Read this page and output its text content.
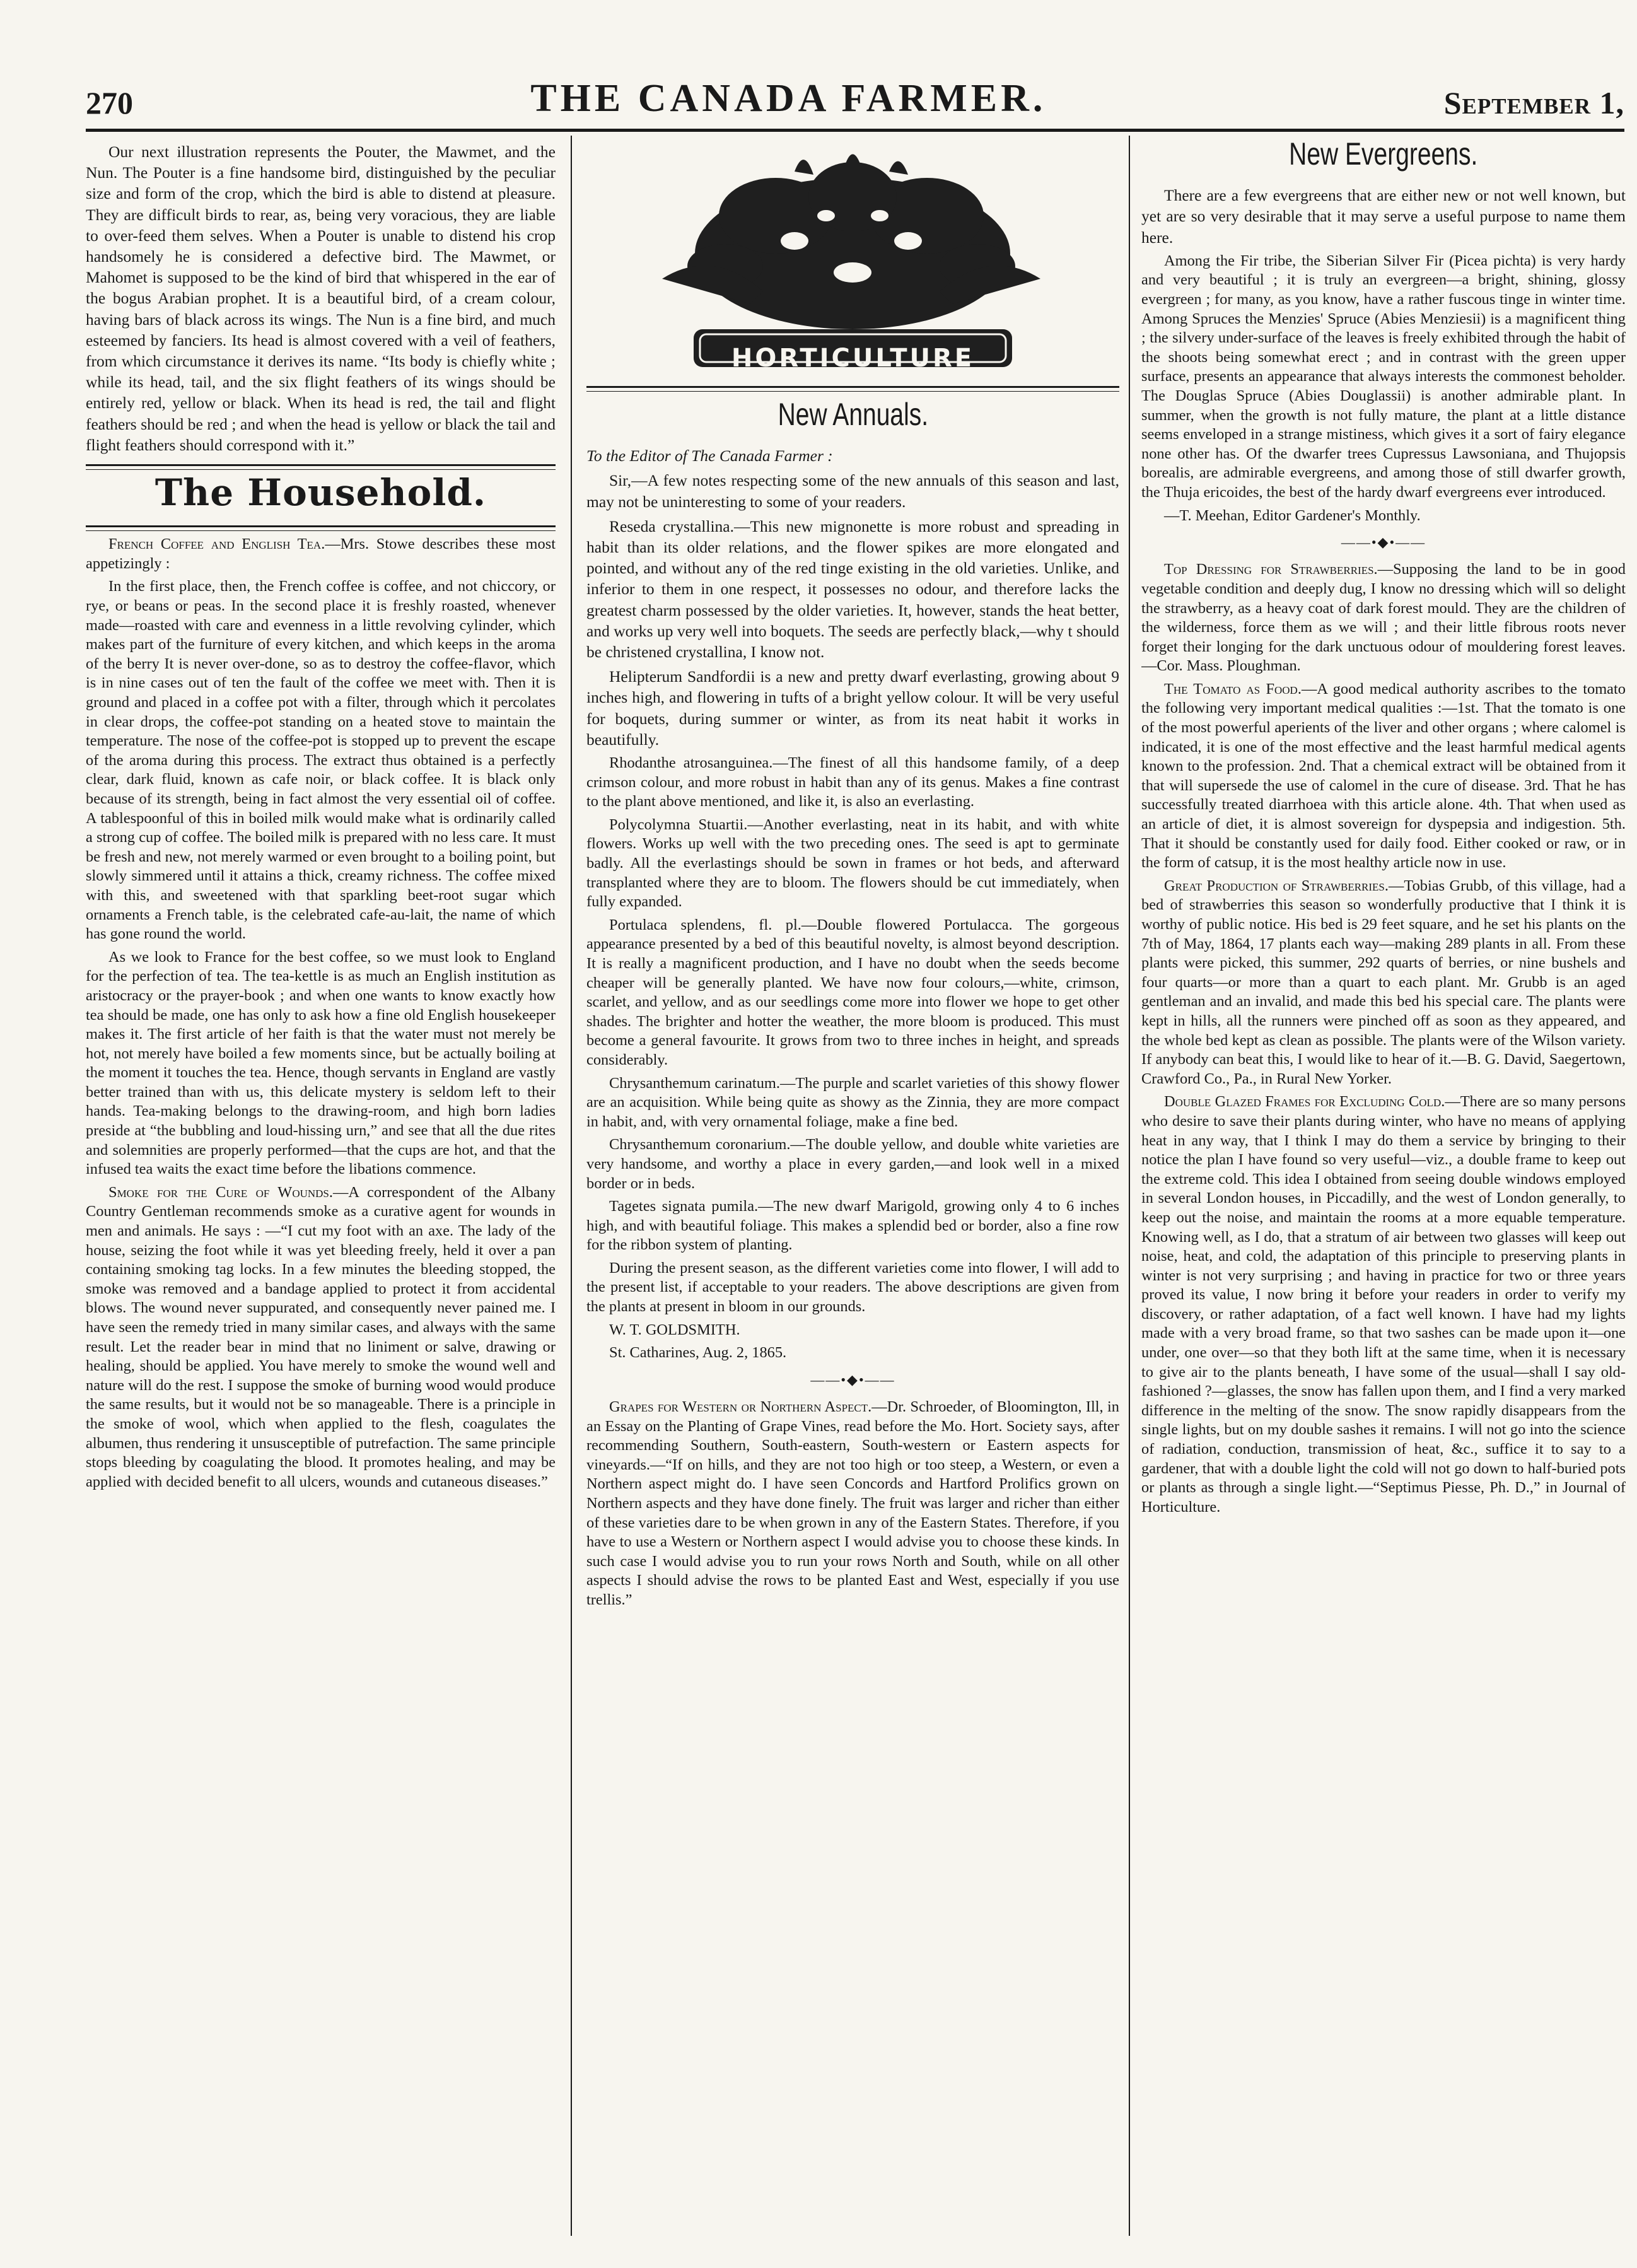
270	THE CANADA FARMER.	September 1,

Our next illustration represents the Pouter, the Mawmet, and the Nun. The Pouter is a fine handsome bird, distinguished by the peculiar size and form of the crop, which the bird is able to distend at pleasure. They are difficult birds to rear, as, being very voracious, they are liable to over-feed them selves. When a Pouter is unable to distend his crop handsomely he is considered a defective bird. The Mawmet, or Mahomet is supposed to be the kind of bird that whispered in the ear of the bogus Arabian prophet. It is a beautiful bird, of a cream colour, having bars of black across its wings. The Nun is a fine bird, and much esteemed by fanciers. Its head is almost covered with a veil of feathers, from which circumstance it derives its name. “Its body is chiefly white ; while its head, tail, and the six flight feathers of its wings should be entirely red, yellow or black. When its head is red, the tail and flight feathers should be red ; and when the head is yellow or black the tail and flight feathers should correspond with it.”

The Household.

French Coffee and English Tea.—Mrs. Stowe describes these most appetizingly :

In the first place, then, the French coffee is coffee, and not chiccory, or rye, or beans or peas. In the second place it is freshly roasted, whenever made—roasted with care and evenness in a little revolving cylinder, which makes part of the furniture of every kitchen, and which keeps in the aroma of the berry It is never over-done, so as to destroy the coffee-flavor, which is in nine cases out of ten the fault of the coffee we meet with. Then it is ground and placed in a coffee pot with a filter, through which it percolates in clear drops, the coffee-pot standing on a heated stove to maintain the temperature. The nose of the coffee-pot is stopped up to prevent the escape of the aroma during this process. The extract thus obtained is a perfectly clear, dark fluid, known as cafe noir, or black coffee. It is black only because of its strength, being in fact almost the very essential oil of coffee. A tablespoonful of this in boiled milk would make what is ordinarily called a strong cup of coffee. The boiled milk is prepared with no less care. It must be fresh and new, not merely warmed or even brought to a boiling point, but slowly simmered until it attains a thick, creamy richness. The coffee mixed with this, and sweetened with that sparkling beet-root sugar which ornaments a French table, is the celebrated cafe-au-lait, the name of which has gone round the world.

As we look to France for the best coffee, so we must look to England for the perfection of tea. The tea-kettle is as much an English institution as aristocracy or the prayer-book ; and when one wants to know exactly how tea should be made, one has only to ask how a fine old English housekeeper makes it. The first article of her faith is that the water must not merely be hot, not merely have boiled a few moments since, but be actually boiling at the moment it touches the tea. Hence, though servants in England are vastly better trained than with us, this delicate mystery is seldom left to their hands. Tea-making belongs to the drawing-room, and high born ladies preside at “the bubbling and loud-hissing urn,” and see that all the due rites and solemnities are properly performed—that the cups are hot, and that the infused tea waits the exact time before the libations commence.

Smoke for the Cure of Wounds.—A correspondent of the Albany Country Gentleman recommends smoke as a curative agent for wounds in men and animals. He says : —“I cut my foot with an axe. The lady of the house, seizing the foot while it was yet bleeding freely, held it over a pan containing smoking tag locks. In a few minutes the bleeding stopped, the smoke was removed and a bandage applied to protect it from accidental blows. The wound never suppurated, and consequently never pained me. I have seen the remedy tried in many similar cases, and always with the same result. Let the reader bear in mind that no liniment or salve, drawing or healing, should be applied. You have merely to smoke the wound well and nature will do the rest. I suppose the smoke of burning wood would produce the same results, but it would not be so manageable. There is a principle in the smoke of wool, which when applied to the flesh, coagulates the albumen, thus rendering it unsusceptible of putrefaction. The same principle stops bleeding by coagulating the blood. It promotes healing, and may be applied with decided benefit to all ulcers, wounds and cutaneous diseases.”

HORTICULTURE
New Annuals.

To the Editor of The Canada Farmer :

Sir,—A few notes respecting some of the new annuals of this season and last, may not be uninteresting to some of your readers.

Reseda crystallina.—This new mignonette is more robust and spreading in habit than its older relations, and the flower spikes are more elongated and pointed, and without any of the red tinge existing in the old varieties. Unlike, and inferior to them in one respect, it possesses no odour, and therefore lacks the greatest charm possessed by the older varieties. It, however, stands the heat better, and works up very well into boquets. The seeds are perfectly black,—why t should be christened crystallina, I know not.

Helipterum Sandfordii is a new and pretty dwarf everlasting, growing about 9 inches high, and flowering in tufts of a bright yellow colour. It will be very useful for boquets, during summer or winter, as from its neat habit it works in beautifully.

Rhodanthe atrosanguinea.—The finest of all this handsome family, of a deep crimson colour, and more robust in habit than any of its genus. Makes a fine contrast to the plant above mentioned, and like it, is also an everlasting.

Polycolymna Stuartii.—Another everlasting, neat in its habit, and with white flowers. Works up well with the two preceding ones. The seed is apt to germinate badly. All the everlastings should be sown in frames or hot beds, and afterward transplanted where they are to bloom. The flowers should be cut immediately, when fully expanded.

Portulaca splendens, fl. pl.—Double flowered Portulacca. The gorgeous appearance presented by a bed of this beautiful novelty, is almost beyond description. It is really a magnificent production, and I have no doubt when the seeds become cheaper will be generally planted. We have now four colours,—white, crimson, scarlet, and yellow, and as our seedlings come more into flower we hope to get other shades. The brighter and hotter the weather, the more bloom is produced. This must become a general favourite. It grows from two to three inches in height, and spreads considerably.

Chrysanthemum carinatum.—The purple and scarlet varieties of this showy flower are an acquisition. While being quite as showy as the Zinnia, they are more compact in habit, and, with very ornamental foliage, make a fine bed.

Chrysanthemum coronarium.—The double yellow, and double white varieties are very handsome, and worthy a place in every garden,—and look well in a mixed border or in beds.

Tagetes signata pumila.—The new dwarf Marigold, growing only 4 to 6 inches high, and with beautiful foliage. This makes a splendid bed or border, also a fine row for the ribbon system of planting.

During the present season, as the different varieties come into flower, I will add to the present list, if acceptable to your readers. The above descriptions are given from the plants at present in bloom in our grounds.

W. T. GOLDSMITH.

St. Catharines, Aug. 2, 1865.

——•◆•——

Grapes for Western or Northern Aspect.—Dr. Schroeder, of Bloomington, Ill, in an Essay on the Planting of Grape Vines, read before the Mo. Hort. Society says, after recommending Southern, South-eastern, South-western or Eastern aspects for vineyards.—“If on hills, and they are not too high or too steep, a Western, or even a Northern aspect might do. I have seen Concords and Hartford Prolifics grown on Northern aspects and they have done finely. The fruit was larger and richer than either of these varieties dare to be when grown in any of the Eastern States. Therefore, if you have to use a Western or Northern aspect I would advise you to choose these kinds. In such case I would advise you to run your rows North and South, while on all other aspects I should advise the rows to be planted East and West, especially if you use trellis.”

New Evergreens.

There are a few evergreens that are either new or not well known, but yet are so very desirable that it may serve a useful purpose to name them here.

Among the Fir tribe, the Siberian Silver Fir (Picea pichta) is very hardy and very beautiful ; it is truly an evergreen—a bright, shining, glossy evergreen ; for many, as you know, have a rather fuscous tinge in winter time. Among Spruces the Menzies' Spruce (Abies Menziesii) is a magnificent thing ; the silvery under-surface of the leaves is freely exhibited through the habit of the shoots being somewhat erect ; and in contrast with the green upper surface, presents an appearance that always interests the commonest beholder. The Douglas Spruce (Abies Douglassii) is another admirable plant. In summer, when the growth is not fully mature, the plant at a little distance seems enveloped in a strange mistiness, which gives it a sort of fairy elegance none other has. Of the dwarfer trees Cupressus Lawsoniana, and Thujopsis borealis, are admirable evergreens, and among those of still dwarfer growth, the Thuja ericoides, the best of the hardy dwarf evergreens ever introduced.

—T. Meehan, Editor Gardener's Monthly.

——•◆•——

Top Dressing for Strawberries.—Supposing the land to be in good vegetable condition and deeply dug, I know no dressing which will so delight the strawberry, as a heavy coat of dark forest mould. They are the children of the wilderness, force them as we will ; and their little fibrous roots never forget their longing for the dark unctuous odour of mouldering forest leaves.—Cor. Mass. Ploughman.

The Tomato as Food.—A good medical authority ascribes to the tomato the following very important medical qualities :—1st. That the tomato is one of the most powerful aperients of the liver and other organs ; where calomel is indicated, it is one of the most effective and the least harmful medical agents known to the profession. 2nd. That a chemical extract will be obtained from it that will supersede the use of calomel in the cure of disease. 3rd. That he has successfully treated diarrhoea with this article alone. 4th. That when used as an article of diet, it is almost sovereign for dyspepsia and indigestion. 5th. That it should be constantly used for daily food. Either cooked or raw, or in the form of catsup, it is the most healthy article now in use.

Great Production of Strawberries.—Tobias Grubb, of this village, had a bed of strawberries this season so wonderfully productive that I think it is worthy of public notice. His bed is 29 feet square, and he set his plants on the 7th of May, 1864, 17 plants each way—making 289 plants in all. From these plants were picked, this summer, 292 quarts of berries, or nine bushels and four quarts—or more than a quart to each plant. Mr. Grubb is an aged gentleman and an invalid, and made this bed his special care. The plants were kept in hills, all the runners were pinched off as soon as they appeared, and the whole bed kept as clean as possible. The plants were of the Wilson variety. If anybody can beat this, I would like to hear of it.—B. G. David, Saegertown, Crawford Co., Pa., in Rural New Yorker.

Double Glazed Frames for Excluding Cold.—There are so many persons who desire to save their plants during winter, who have no means of applying heat in any way, that I think I may do them a service by bringing to their notice the plan I have found so very useful—viz., a double frame to keep out the extreme cold. This idea I obtained from seeing double windows employed in several London houses, in Piccadilly, and the west of London generally, to keep out the noise, and maintain the rooms at a more equable temperature. Knowing well, as I do, that a stratum of air between two glasses will keep out noise, heat, and cold, the adaptation of this principle to preserving plants in winter is not very surprising ; and having in practice for two or three years proved its value, I now bring it before your readers in order to verify my discovery, or rather adaptation, of a fact well known. I have had my lights made with a very broad frame, so that two sashes can be made upon it—one under, one over—so that they both lift at the same time, when it is necessary to give air to the plants beneath, I have some of the usual—shall I say old-fashioned ?—glasses, the snow has fallen upon them, and I find a very marked difference in the melting of the snow. The snow rapidly disappears from the single lights, but on my double sashes it remains. I will not go into the science of radiation, conduction, transmission of heat, &c., suffice it to say to a gardener, that with a double light the cold will not go down to half-buried pots or plants as through a single light.—“Septimus Piesse, Ph. D.,” in Journal of Horticulture.
